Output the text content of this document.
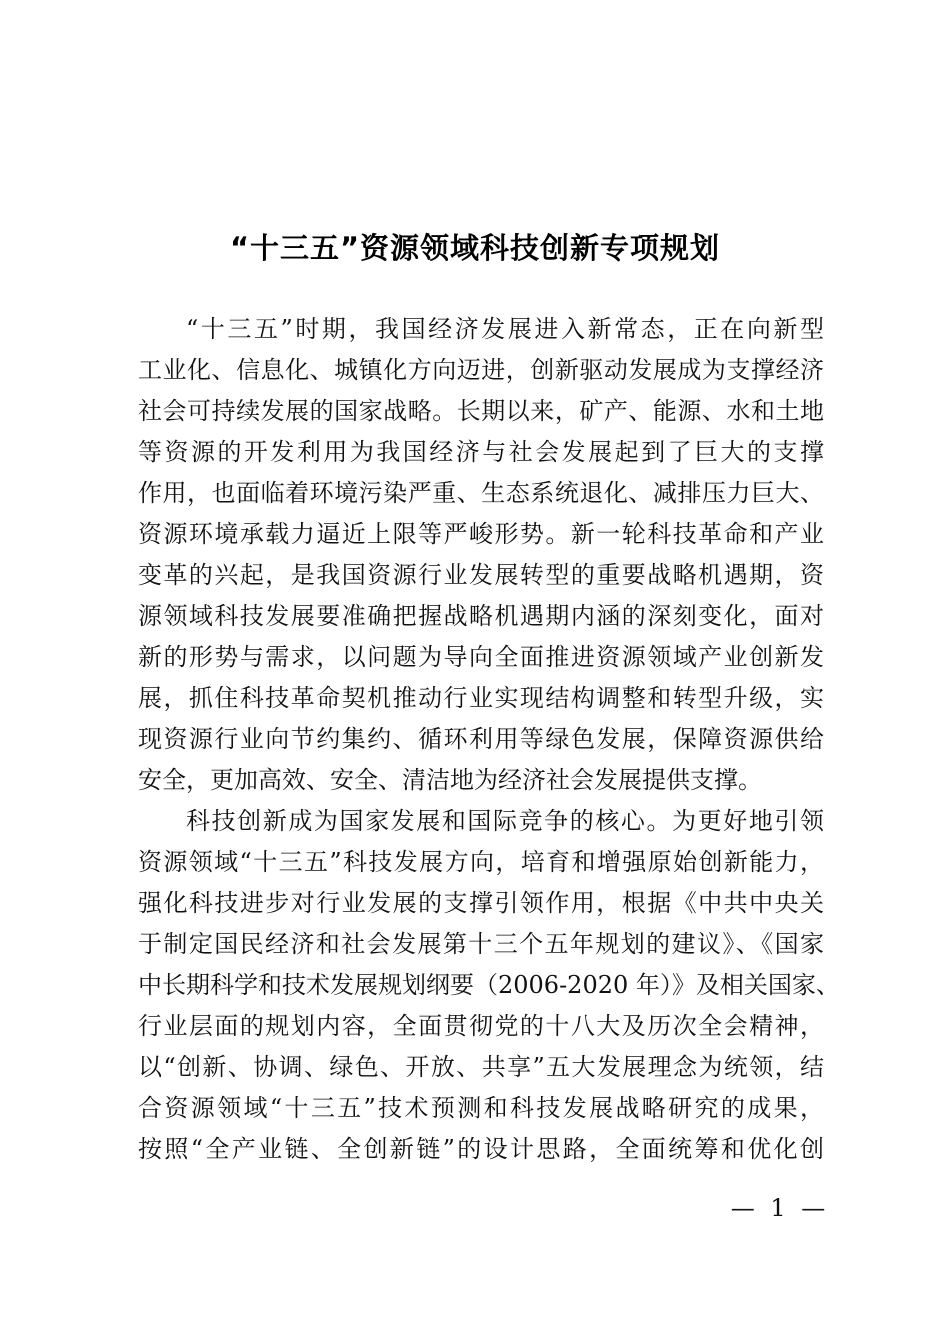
“十三五”资源领域科技创新专项规划
“十三五”时期，我国经济发展进入新常态，正在向新型
工业化、信息化、城镇化方向迈进，创新驱动发展成为支撑经济
社会可持续发展的国家战略。长期以来，矿产、能源、水和土地
等资源的开发利用为我国经济与社会发展起到了巨大的支撑
作用，也面临着环境污染严重、生态系统退化、减排压力巨大、
资源环境承载力逼近上限等严峻形势。新一轮科技革命和产业
变革的兴起，是我国资源行业发展转型的重要战略机遇期，资
源领域科技发展要准确把握战略机遇期内涵的深刻变化，面对
新的形势与需求，以问题为导向全面推进资源领域产业创新发
展，抓住科技革命契机推动行业实现结构调整和转型升级，实
现资源行业向节约集约、循环利用等绿色发展，保障资源供给
安全，更加高效、安全、清洁地为经济社会发展提供支撑。
科技创新成为国家发展和国际竞争的核心。为更好地引领
资源领域“十三五”科技发展方向，培育和增强原始创新能力，
强化科技进步对行业发展的支撑引领作用，根据《中共中央关
于制定国民经济和社会发展第十三个五年规划的建议》、《国家
中长期科学和技术发展规划纲要（2006-2020 年）》及相关国家、
行业层面的规划内容，全面贯彻党的十八大及历次全会精神，
以“创新、协调、绿色、开放、共享”五大发展理念为统领，结
合资源领域“十三五”技术预测和科技发展战略研究的成果，
按照“全产业链、全创新链”的设计思路，全面统筹和优化创
— 1 —
